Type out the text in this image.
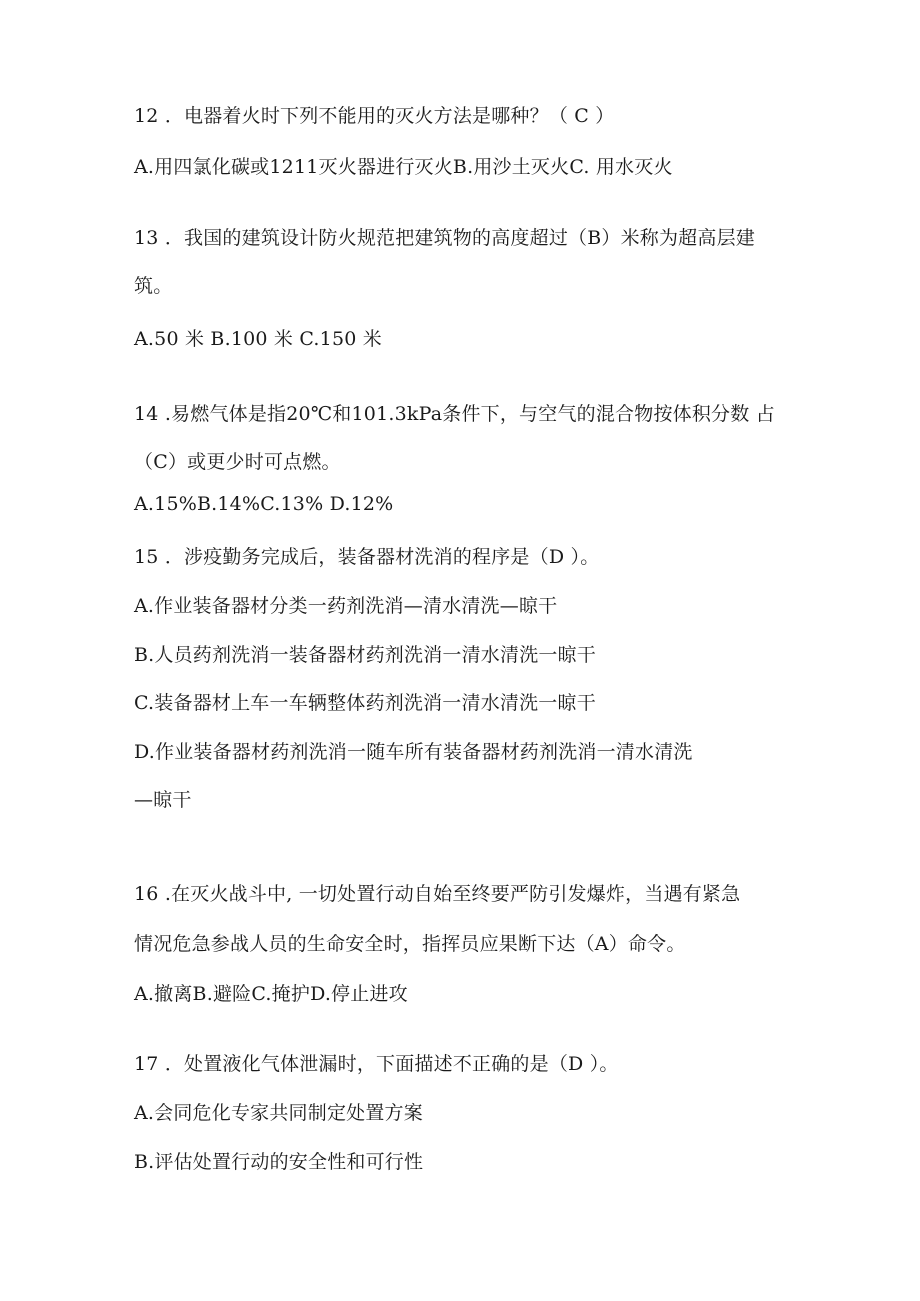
12 ．电器着火时下列不能用的灭火方法是哪种？（ C ）
A.用四氯化碳或1211灭火器进行灭火B.用沙土灭火C. 用水灭火
13 ．我国的建筑设计防火规范把建筑物的高度超过（B）米称为超高层建
筑。
A.50 米 B.100 米 C.150 米
14 .易燃气体是指20℃和101.3kPa条件下，与空气的混合物按体积分数 占
（C）或更少时可点燃。
A.15%B.14%C.13% D.12%
15 ．涉疫勤务完成后，装备器材洗消的程序是（D ）。
A.作业装备器材分类一药剂洗消—清水清洗—晾干
B.人员药剂洗消一装备器材药剂洗消一清水清洗一晾干
C.装备器材上车一车辆整体药剂洗消一清水清洗一晾干
D.作业装备器材药剂洗消一随车所有装备器材药剂洗消一清水清洗
—晾干
16 .在灭火战斗中, 一切处置行动自始至终要严防引发爆炸，当遇有紧急
情况危急参战人员的生命安全时，指挥员应果断下达（A）命令。
A.撤离B.避险C.掩护D.停止进攻
17 ．处置液化气体泄漏时，下面描述不正确的是（D ）。
A.会同危化专家共同制定处置方案
B.评估处置行动的安全性和可行性
